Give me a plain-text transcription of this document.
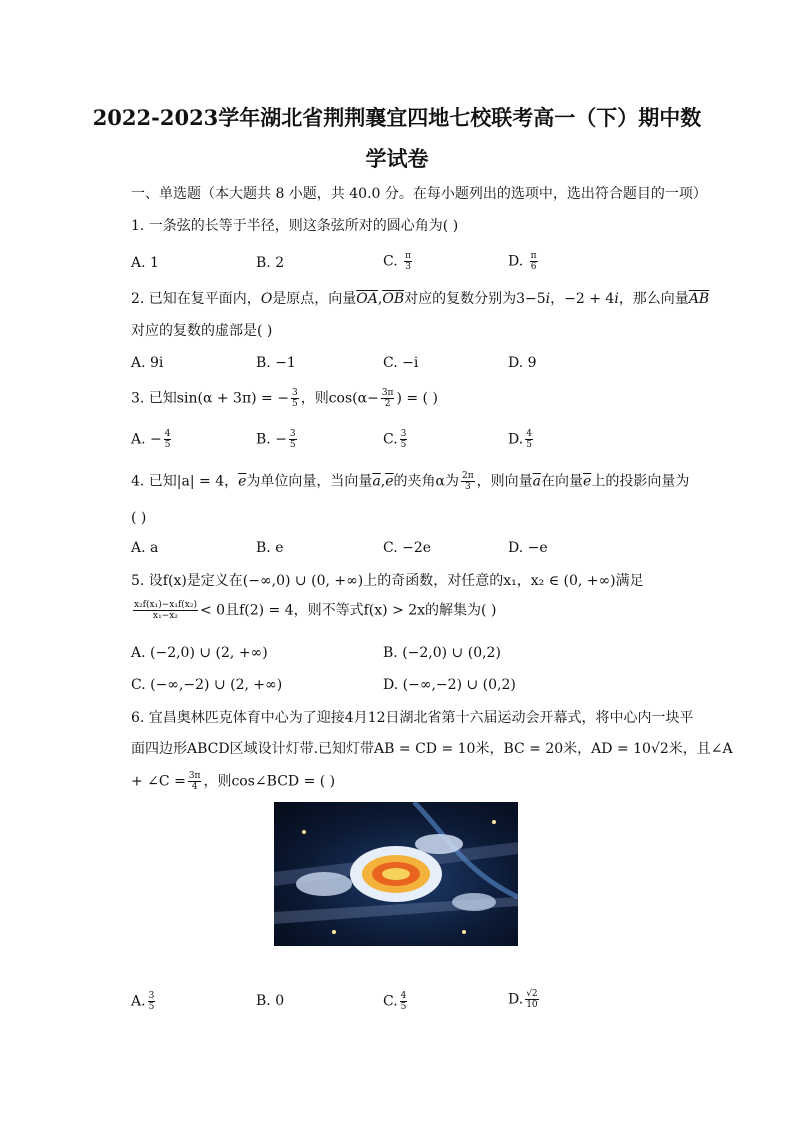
2022-2023学年湖北省荆荆襄宜四地七校联考高一（下）期中数
学试卷
一、单选题（本大题共 8 小题，共 40.0 分。在每小题列出的选项中，选出符合题目的一项）
1. 一条弦的长等于半径，则这条弦所对的圆心角为( )
A. 1	B. 2	C. $\frac{\pi}{3}$	D. $\frac{\pi}{6}$
2. 已知在复平面内，O是原点，向量$\overline{OA},\overline{OB}$对应的复数分别为3−5i，−2 + 4i，那么向量$\overline{AB}$
对应的复数的虚部是( )
A. 9i	B. −1	C. −i	D. 9
3. 已知sin(α + 3π) = − $\frac{3}{5}$ ，则$\cos(\alpha- \frac{3\pi}{2}$ ) = ( )
A. − $\frac{4}{5}$	B. − $\frac{3}{5}$	C. $\frac{3}{5}$	D. $\frac{4}{5}$
4. 已知|a| = 4，$\overline{e}$为单位向量，当向量$\overline{a},\overline{e}$的夹角α为 $\frac{2\pi}{3}$ ，则向量$\overline{a}$在向量$\overline{e}$上的投影向量为
( )
A. a	B. e	C. −2e	D. −e
5. 设f(x)是定义在(−∞,0) ∪ (0, +∞)上的奇函数，对任意的x₁，x₂ ∈ (0, +∞)满足
$\frac{\text{x₂f(x₁)−x₁f(x₂)}}{\text{x₁−x₂}} < 0$且f(2) = 4，则不等式f(x) > 2x的解集为( )
A. (−2,0) ∪ (2, +∞)	B. (−2,0) ∪ (0,2)
C. (−∞,−2) ∪ (2, +∞)	D. (−∞,−2) ∪ (0,2)
6. 宜昌奥林匹克体育中心为了迎接4月12日湖北省第十六届运动会开幕式，将中心内一块平
面四边形ABCD区域设计灯带.已知灯带AB = CD = 10米，BC = 20米，AD = 10√2米，且∠A
+ ∠C = $\frac{3\pi}{4}$ ，则cos∠BCD = ( )
A. $\frac{3}{5}$	B. 0	C. $\frac{4}{5}$	D. $\frac{√2}{10}$
